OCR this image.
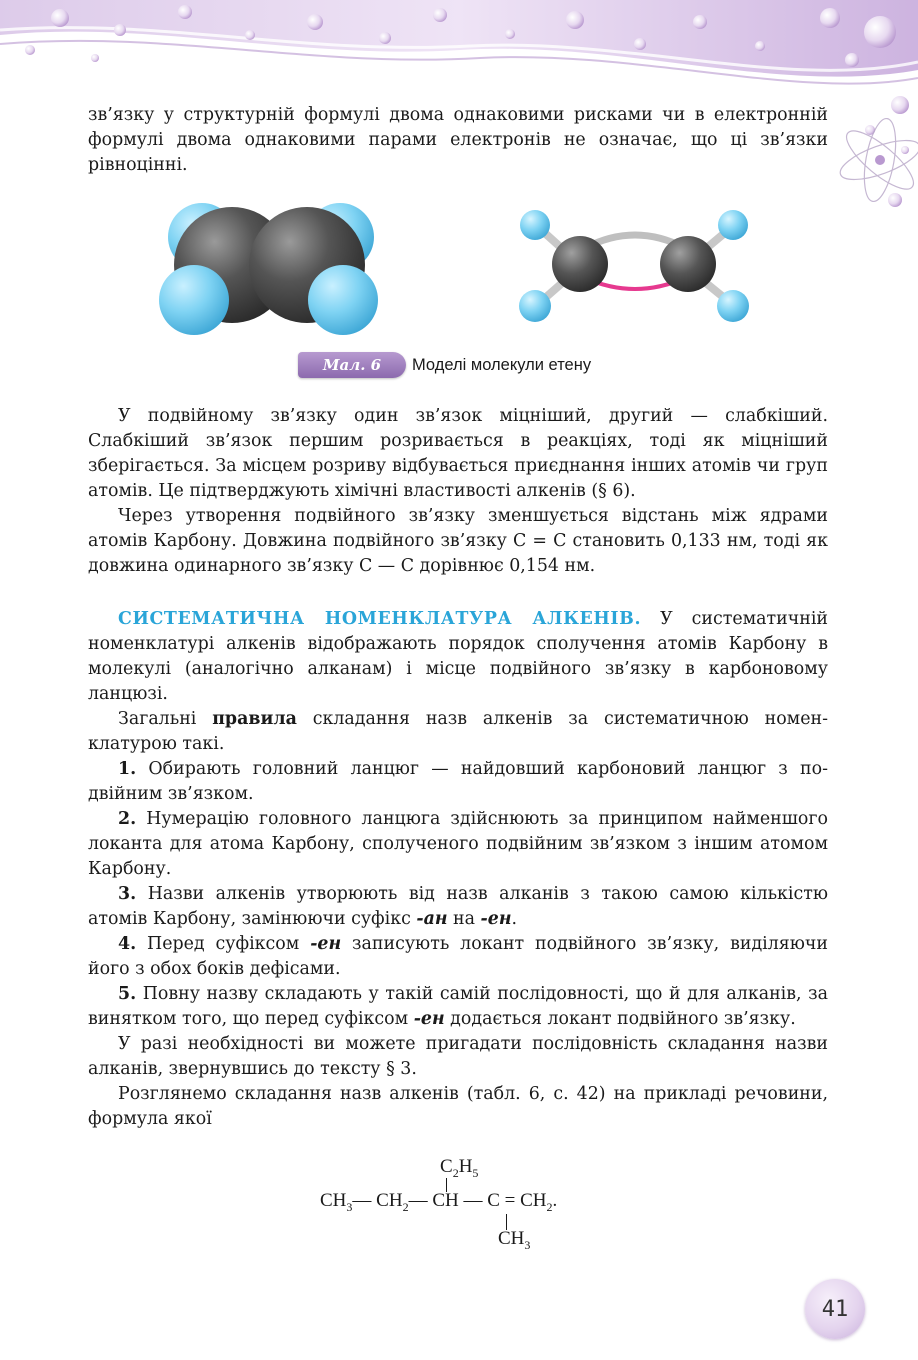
зв’язку у структурній формулі двома однаковими рисками чи в електронній формулі двома однаковими парами електронів не означає, що ці зв’язки рівноцінні.

Мал. 6	Моделі молекули етену

У подвійному зв’язку один зв’язок міцніший, другий — слабкіший. Слабкіший зв’язок першим розривається в реакціях, тоді як міцніший зберігається. За місцем розриву відбувається приєднання інших атомів чи груп атомів. Це підтверджують хімічні властивості алкенів (§ 6).

Через утворення подвійного зв’язку зменшується відстань між ядрами атомів Карбону. Довжина подвійного зв’язку C = C становить 0,133 нм, тоді як довжина одинарного зв’язку C — C дорівнює 0,154 нм.

СИСТЕМАТИЧНА НОМЕНКЛАТУРА АЛКЕНІВ. У систематичній номенклатурі алкенів відображають порядок сполучення атомів Карбону в молекулі (аналогічно алканам) і місце подвійного зв’язку в карбоновому ланцюзі.

Загальні правила складання назв алкенів за систематичною номенклатурою такі.

1. Обирають головний ланцюг — найдовший карбоновий ланцюг з подвійним зв’язком.

2. Нумерацію головного ланцюга здійснюють за принципом найменшого локанта для атома Карбону, сполученого подвійним зв’язком з іншим атомом Карбону.

3. Назви алкенів утворюють від назв алканів з такою самою кількістю атомів Карбону, замінюючи суфікс -ан на -ен.

4. Перед суфіксом -ен записують локант подвійного зв’язку, виділяючи його з обох боків дефісами.

5. Повну назву складають у такій самій послідовності, що й для алканів, за винятком того, що перед суфіксом -ен додається локант подвійного зв’язку.

У разі необхідності ви можете пригадати послідовність складання назви алканів, звернувшись до тексту § 3.

Розглянемо складання назв алкенів (табл. 6, с. 42) на прикладі речовини, формула якої

$C_2H_5$
$CH_3—$ $CH_2—$ CH — $C = CH_2$.
$CH_3$
41
